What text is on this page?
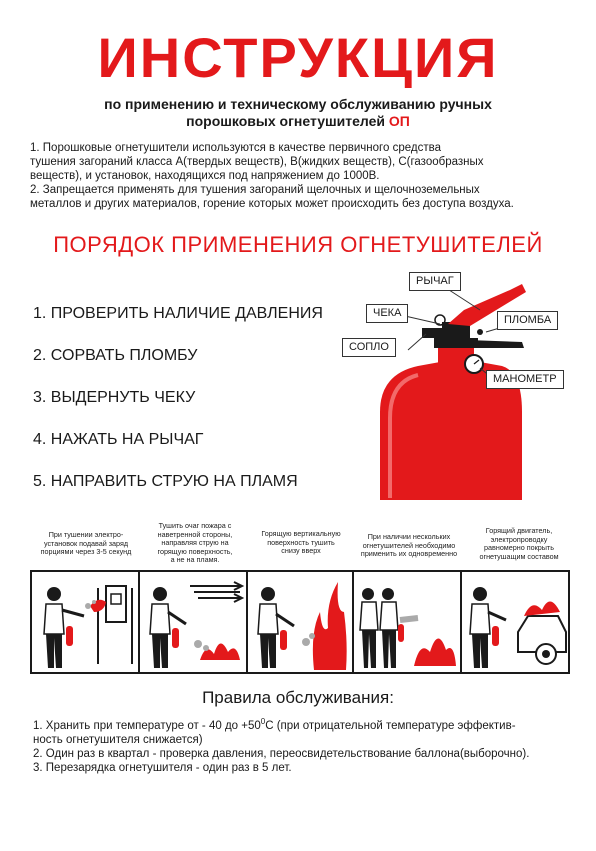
ИНСТРУКЦИЯ
по применению и техническому обслуживанию ручных
порошковых огнетушителей ОП

1. Порошковые огнетушители используются в качестве первичного средства

тушения загораний класса А(твердых веществ), В(жидких веществ), С(газообразных

веществ), и установок, находящихся под напряжением до 1000В.

2. Запрещается применять для тушения загораний щелочных и щелочноземельных

металлов и других материалов, горение которых может происходить без доступа воздуха.

ПОРЯДОК ПРИМЕНЕНИЯ ОГНЕТУШИТЕЛЕЙ
1. ПРОВЕРИТЬ НАЛИЧИЕ ДАВЛЕНИЯ
2. СОРВАТЬ ПЛОМБУ
3. ВЫДЕРНУТЬ ЧЕКУ
4. НАЖАТЬ НА РЫЧАГ
5. НАПРАВИТЬ СТРУЮ НА ПЛАМЯ
РЫЧАГ
ЧЕКА
ПЛОМБА
СОПЛО
МАНОМЕТР
При тушении электро-
установок подавай заряд
порциями через 3-5 секунд
Тушить очаг пожара с
наветренной стороны,
направляя струю на
горящую поверхность,
а не на пламя.
Горящую вертикальную
поверхность тушить
снизу вверх
При наличии нескольких
огнетушителей необходимо
применить их одновременно
Горящий двигатель,
электропроводку
равномерно покрыть
огнетушащим составом
Правила обслуживания:

1. Хранить при температуре от - 40 до $+50^0С$ (при отрицательной температуре эффектив-

ность огнетушителя снижается)

2. Один раз в квартал - проверка давления, переосвидетельствование баллона(выборочно).

3. Перезарядка огнетушителя - один раз в 5 лет.
